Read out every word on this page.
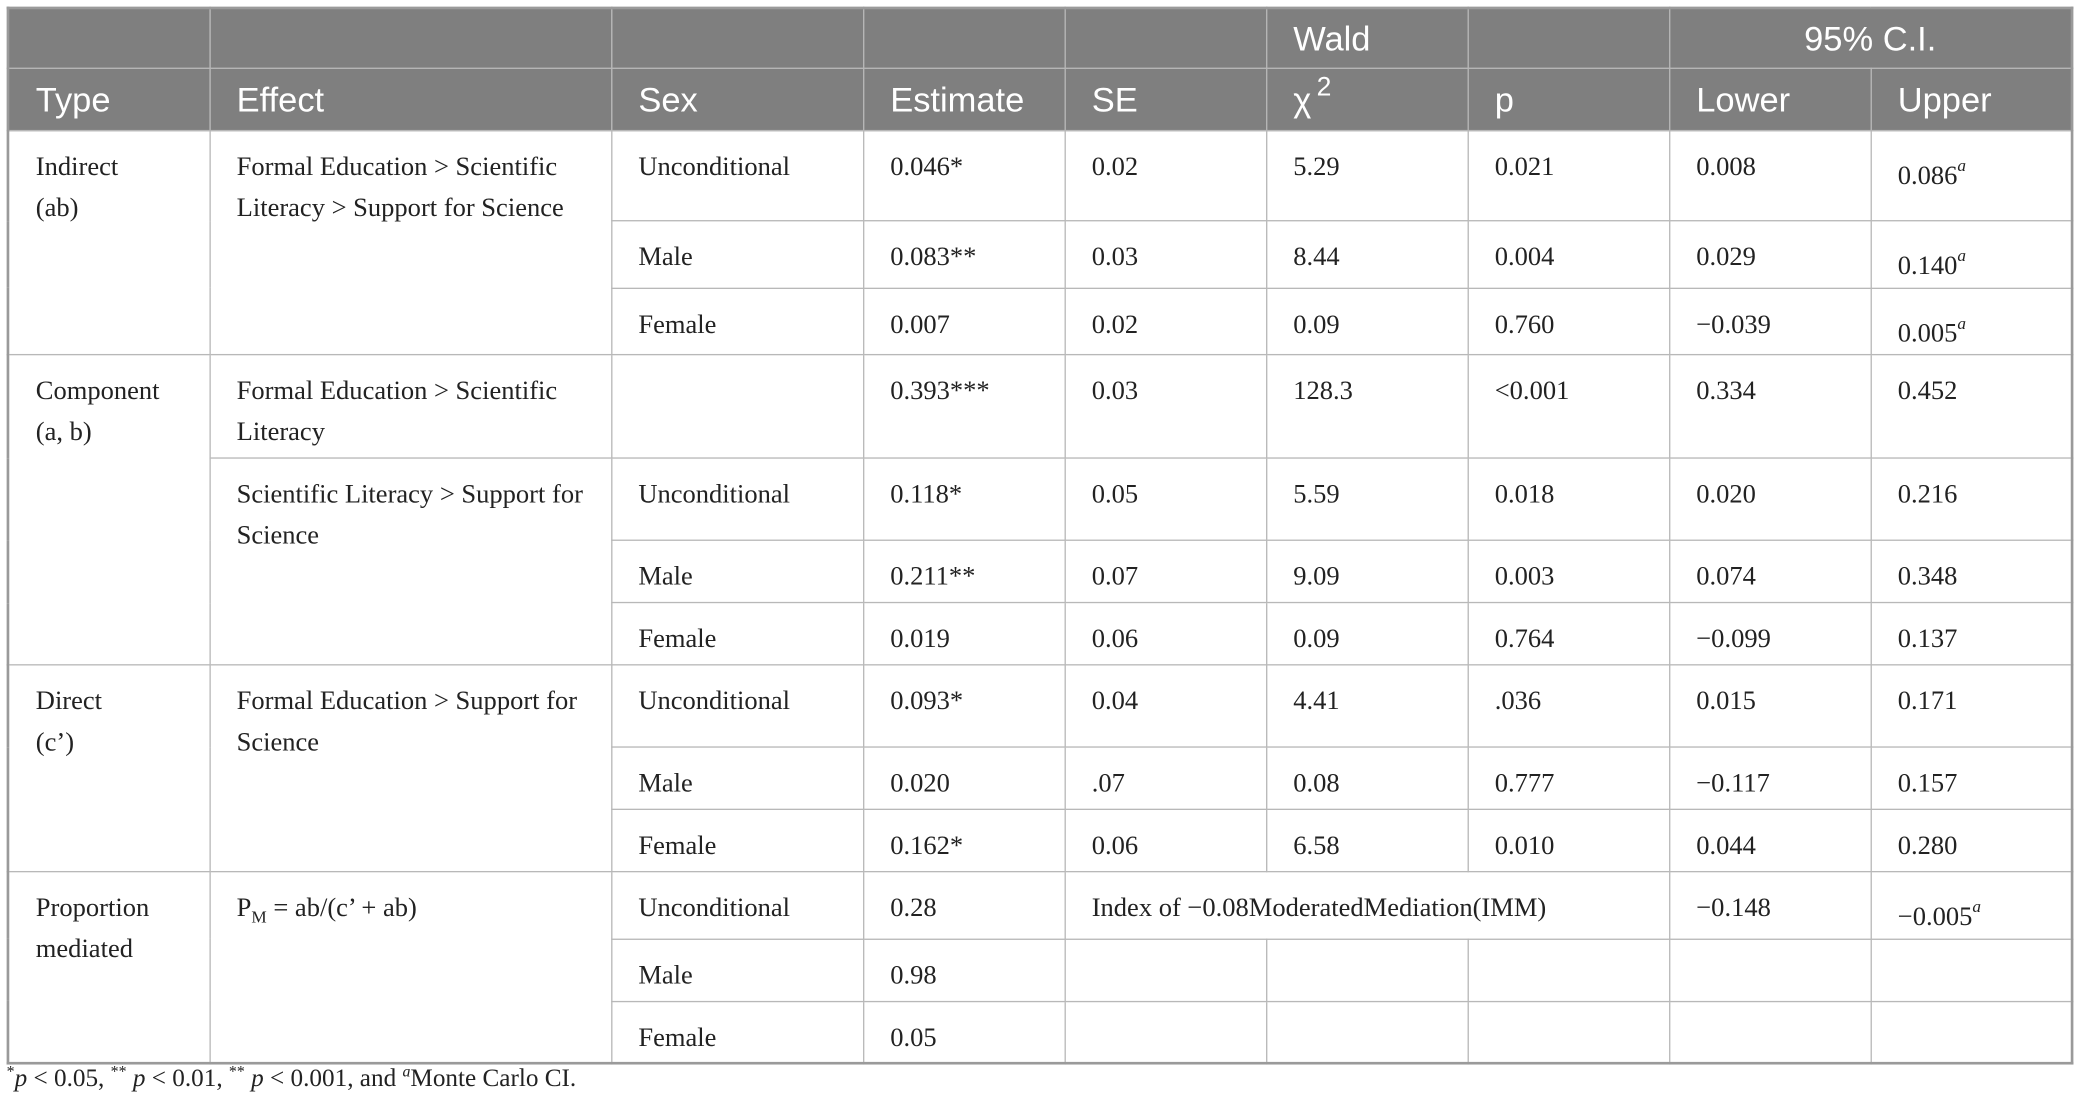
					Wald		95% C.I.	
Type	Effect	Sex	Estimate	SE	χ $^2$	p	Lower	Upper
Indirect
(ab)	Formal Education > Scientific Literacy > Support for Science	Unconditional	0.046*	0.02	5.29	0.021	0.008	0.086$^a$
		Male	0.083**	0.03	8.44	0.004	0.029	0.140$^a$
		Female	0.007	0.02	0.09	0.760	−0.039	0.005$^a$
Component
(a, b)	Formal Education > Scientific Literacy		0.393***	0.03	128.3	<0.001	0.334	0.452
	Scientific Literacy > Support for Science	Unconditional	0.118*	0.05	5.59	0.018	0.020	0.216
		Male	0.211**	0.07	9.09	0.003	0.074	0.348
		Female	0.019	0.06	0.09	0.764	−0.099	0.137
Direct
(c’)	Formal Education > Support for Science	Unconditional	0.093*	0.04	4.41	.036	0.015	0.171
		Male	0.020	.07	0.08	0.777	−0.117	0.157
		Female	0.162*	0.06	6.58	0.010	0.044	0.280
Proportion
mediated	$P_M = ab/(c$’ + ab)	Unconditional	0.28	Index of −0.08ModeratedMediation(IMM)			−0.148	−0.005$^a$
		Male	0.98					
		Female	0.05					
*p < 0.05, ** p < 0.01, ** p < 0.001, and $^a$Monte Carlo CI.
